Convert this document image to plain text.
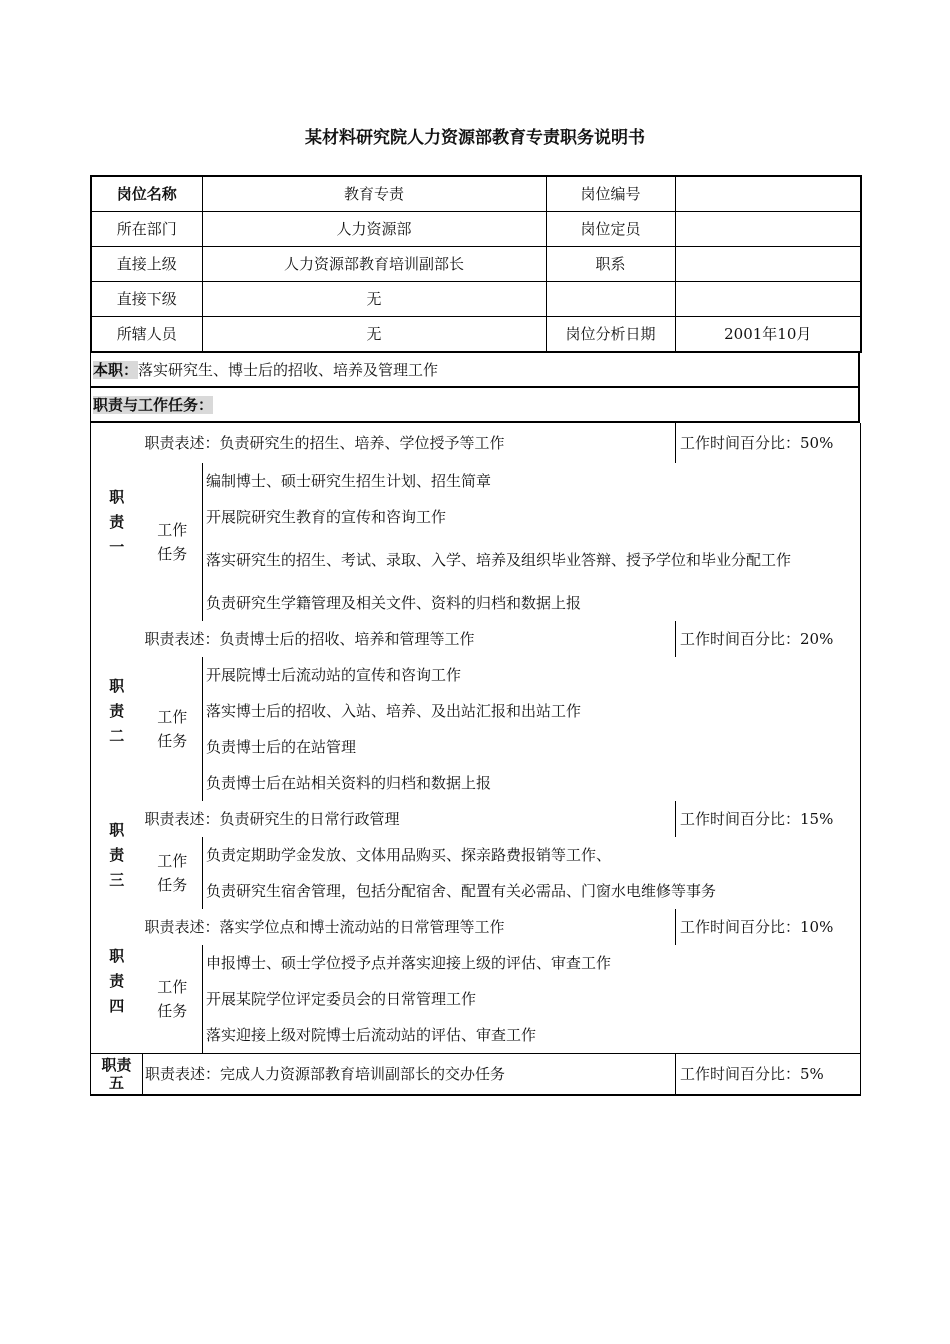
某材料研究院人力资源部教育专责职务说明书
岗位名称	教育专责	岗位编号	
所在部门	人力资源部	岗位定员	
直接上级	人力资源部教育培训副部长	职系	
直接下级	无		
所辖人员	无	岗位分析日期	2001年10月
本职：落实研究生、博士后的招收、培养及管理工作
职责与工作任务：
职
责
一	职责表述：负责研究生的招生、培养、学位授予等工作		工作时间百分比：50%

	工作
任务	编制博士、硕士研究生招生计划、招生简章	
		开展院研究生教育的宣传和咨询工作	
		落实研究生的招生、考试、录取、入学、培养及组织毕业答辩、授予学位和毕业分配工作	
		负责研究生学籍管理及相关文件、资料的归档和数据上报	

职
责
二	职责表述：负责博士后的招收、培养和管理等工作		工作时间百分比：20%

	工作
任务	开展院博士后流动站的宣传和咨询工作	
		落实博士后的招收、入站、培养、及出站汇报和出站工作	
		负责博士后的在站管理	
		负责博士后在站相关资料的归档和数据上报	

职
责
三	职责表述：负责研究生的日常行政管理		工作时间百分比：15%

	工作
任务	负责定期助学金发放、文体用品购买、探亲路费报销等工作、	
		负责研究生宿舍管理，包括分配宿舍、配置有关必需品、门窗水电维修等事务	

职
责
四	职责表述：落实学位点和博士流动站的日常管理等工作		工作时间百分比：10%

	工作
任务	申报博士、硕士学位授予点并落实迎接上级的评估、审查工作	
		开展某院学位评定委员会的日常管理工作	
		落实迎接上级对院博士后流动站的评估、审查工作	

职责
五	职责表述：完成人力资源部教育培训副部长的交办任务		工作时间百分比：5%
